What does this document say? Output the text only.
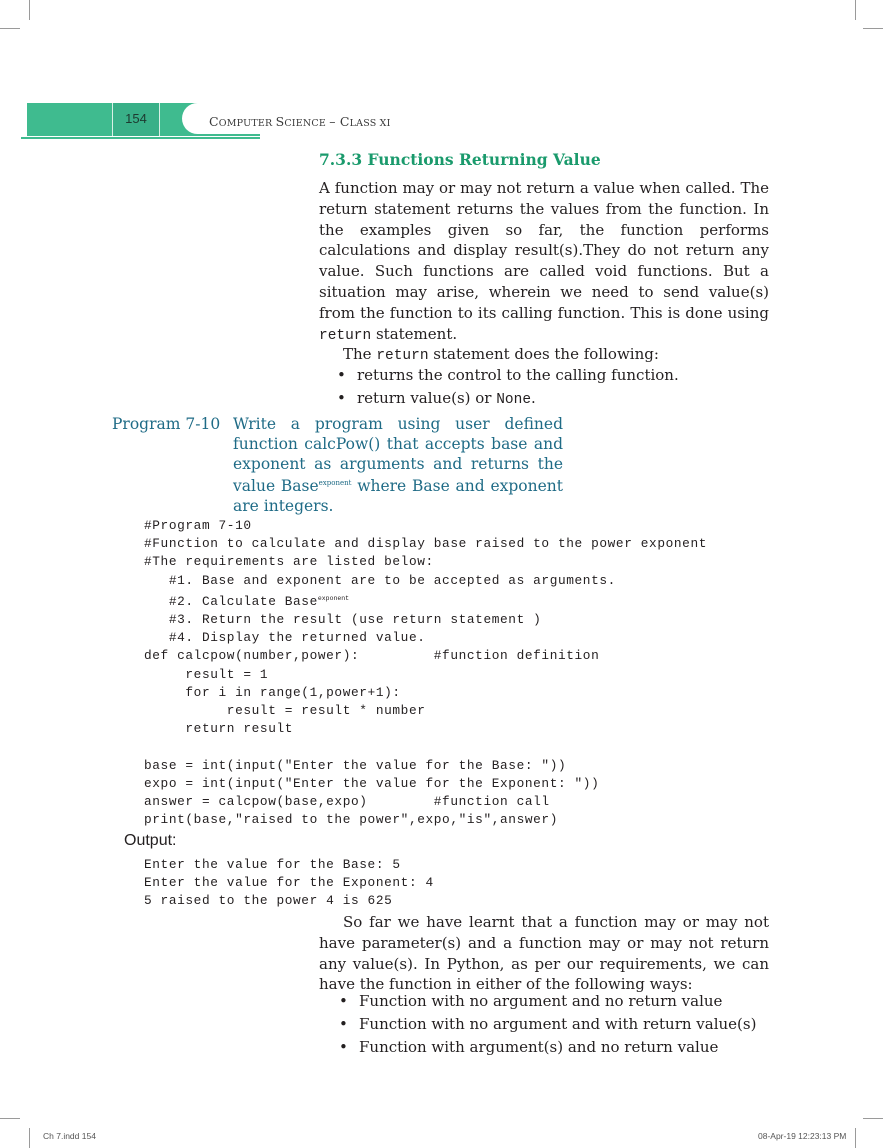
154	COMPUTER SCIENCE – CLASS XI
7.3.3 Functions Returning Value
A function may or may not return a value when called. The return statement returns the values from the function. In the examples given so far, the function performs calculations and display result(s).They do not return any value. Such functions are called void functions. But a situation may arise, wherein we need to send value(s) from the function to its calling function. This is done using return statement.
The return statement does the following:
• returns the control to the calling function.
• return value(s) or None.
Program 7-10 Write a program using user defined function calcPow() that accepts base and exponent as arguments and returns the value Base$^{exponent}$ where Base and exponent are integers.
#Program 7-10
#Function to calculate and display base raised to the power exponent
#The requirements are listed below:
#1. Base and exponent are to be accepted as arguments.
#2. Calculate Base$^{exponent}$
#3. Return the result (use return statement )
#4. Display the returned value.
def calcpow(number,power):         #function definition
result = 1
for i in range(1,power+1):
result = result * number
return result
base = int(input("Enter the value for the Base: "))
expo = int(input("Enter the value for the Exponent: "))
answer = calcpow(base,expo)        #function call
print(base,"raised to the power",expo,"is",answer)
Output:
Enter the value for the Base: 5
Enter the value for the Exponent: 4
5 raised to the power 4 is 625
So far we have learnt that a function may or may not have parameter(s) and a function may or may not return any value(s). In Python, as per our requirements, we can have the function in either of the following ways:
• Function with no argument and no return value
• Function with no argument and with return value(s)
• Function with argument(s) and no return value
Ch 7.indd 154	08-Apr-19 12:23:13 PM
